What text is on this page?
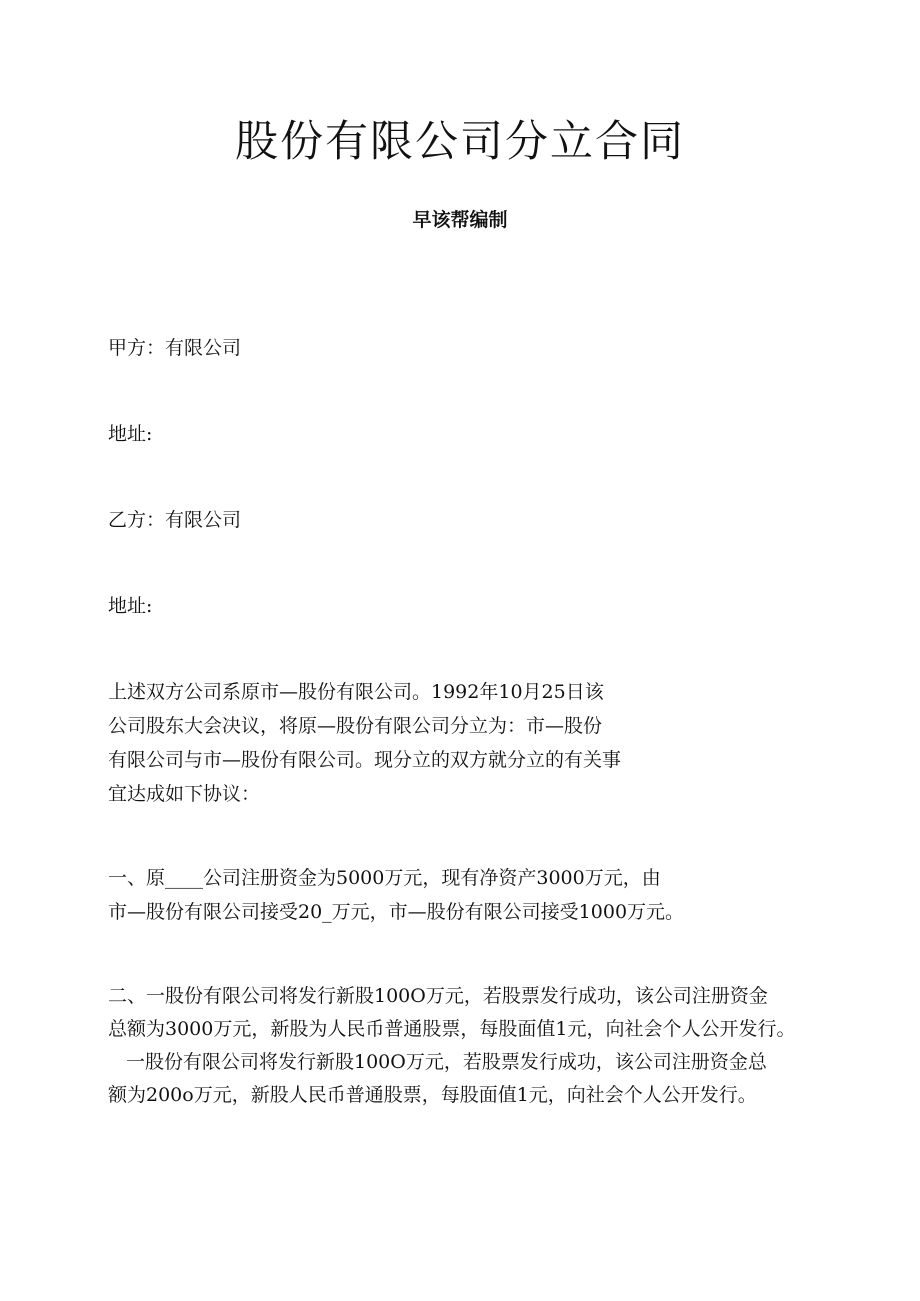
股份有限公司分立合同
早该帮编制
甲方：有限公司
地址:
乙方：有限公司
地址:
上述双方公司系原市—股份有限公司。1992年10月25日该
公司股东大会决议，将原—股份有限公司分立为：市—股份
有限公司与市—股份有限公司。现分立的双方就分立的有关事
宜达成如下协议：
一、原____公司注册资金为5000万元，现有净资产3000万元，由
市—股份有限公司接受20_万元，市—股份有限公司接受1000万元。
二、一股份有限公司将发行新股100O万元，若股票发行成功，该公司注册资金
总额为3000万元，新股为人民币普通股票，每股面值1元，向社会个人公开发行。
一股份有限公司将发行新股100O万元，若股票发行成功，该公司注册资金总
额为200o万元，新股人民币普通股票，每股面值1元，向社会个人公开发行。
